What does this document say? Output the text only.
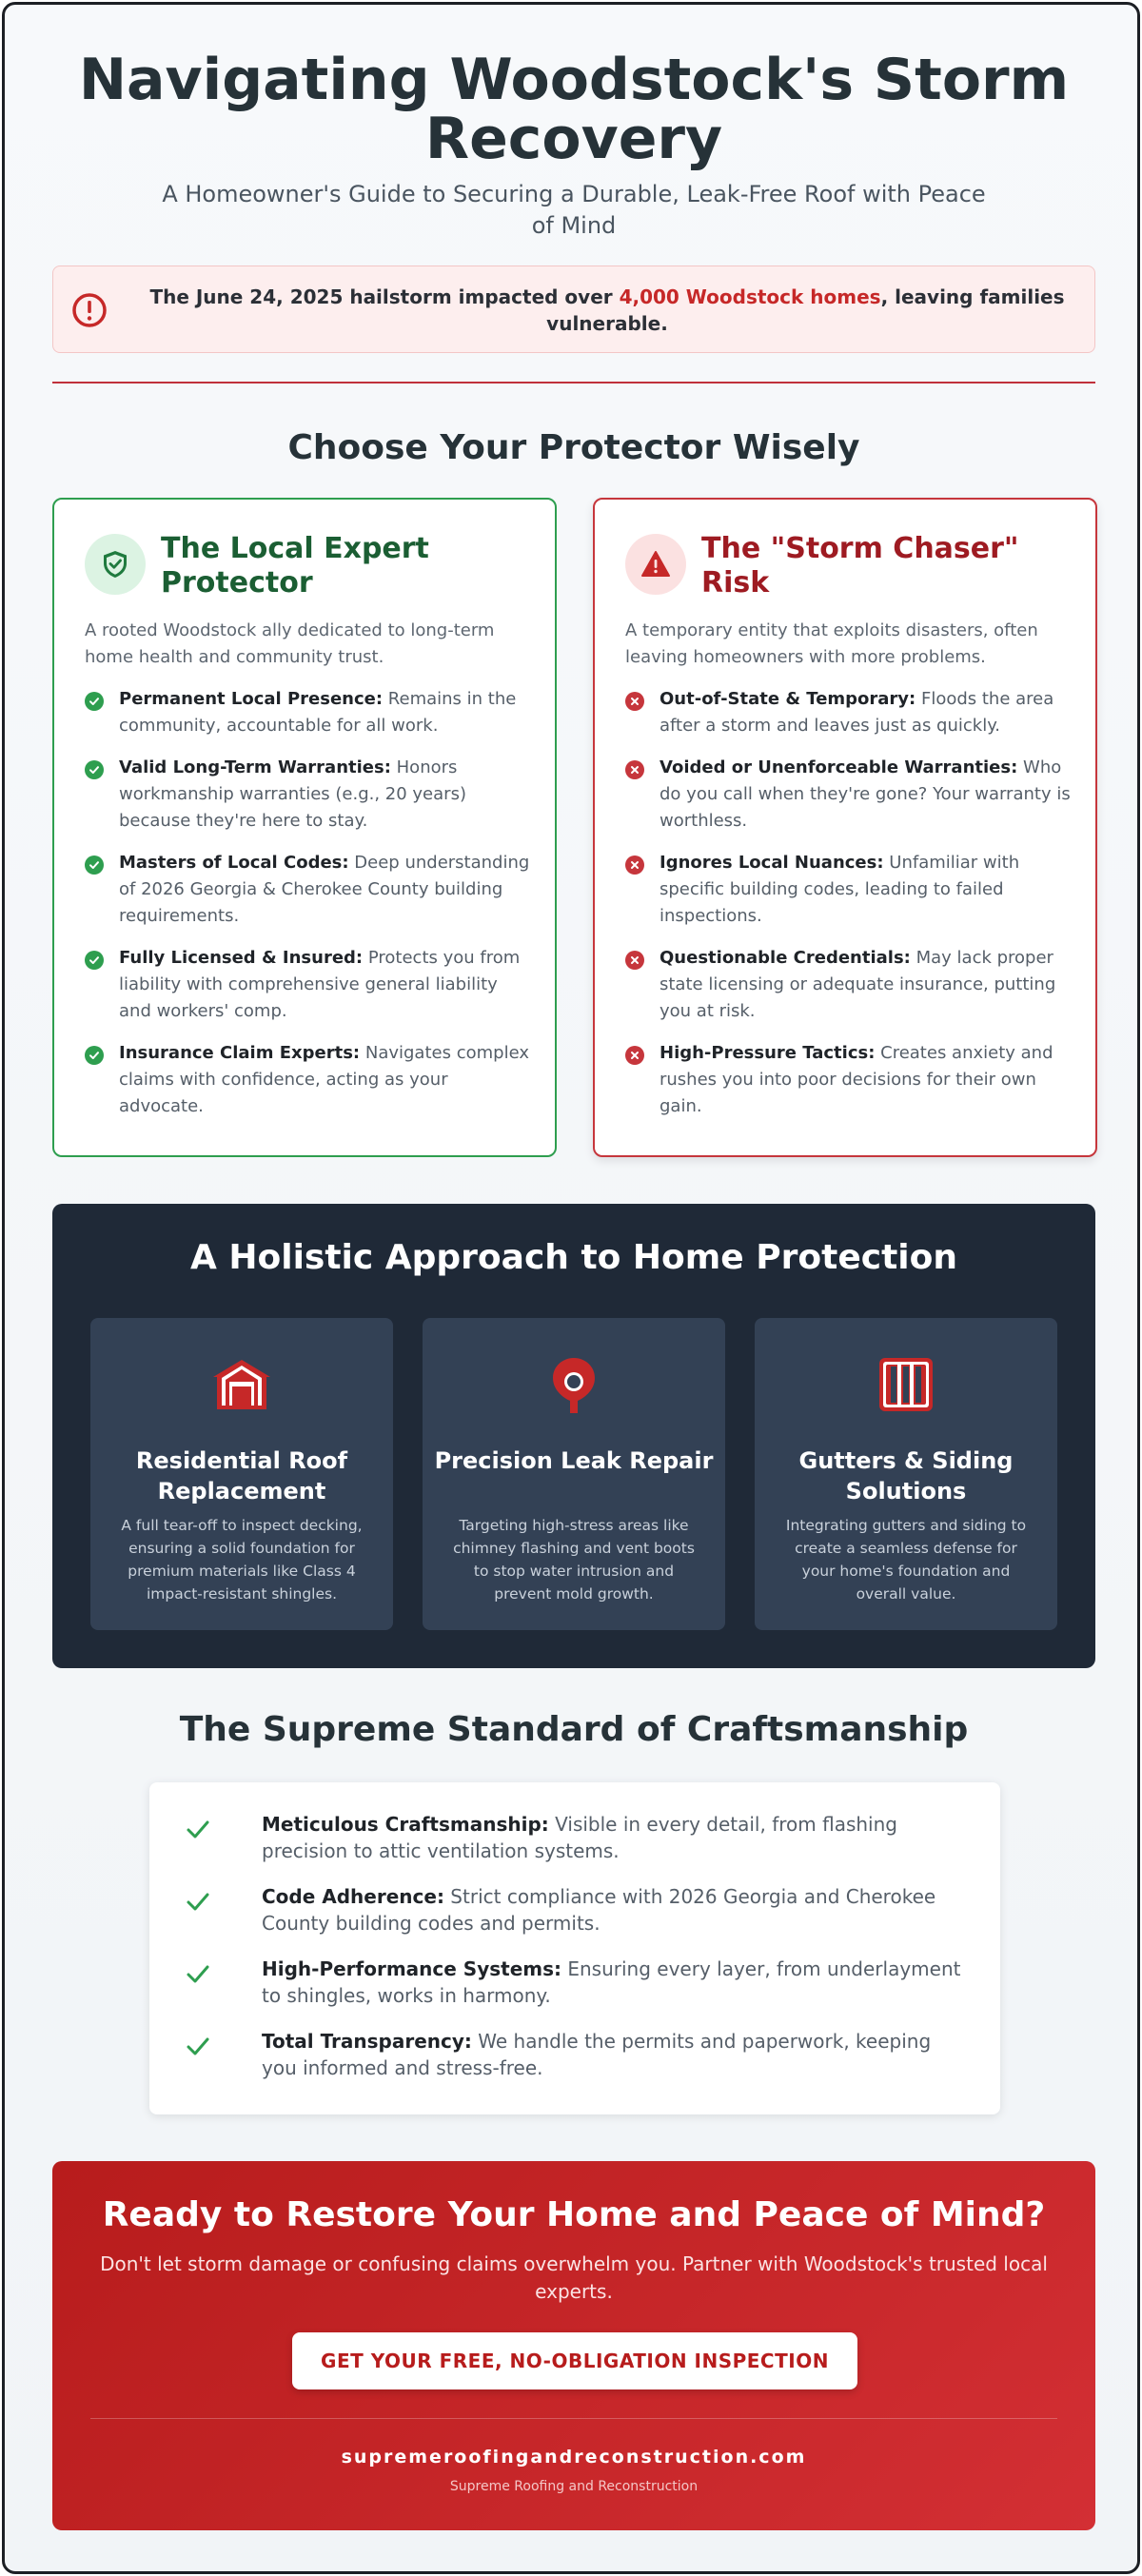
Navigating Woodstock's Storm Recovery

A Homeowner's Guide to Securing a Durable, Leak-Free Roof with Peace of Mind

The June 24, 2025 hailstorm impacted over 4,000 Woodstock homes, leaving families vulnerable.
Choose Your Protector Wisely
The Local Expert Protector

A rooted Woodstock ally dedicated to long-term home health and community trust.

Permanent Local Presence: Remains in the community, accountable for all work.
Valid Long-Term Warranties: Honors workmanship warranties (e.g., 20 years) because they're here to stay.
Masters of Local Codes: Deep understanding of 2026 Georgia & Cherokee County building requirements.
Fully Licensed & Insured: Protects you from liability with comprehensive general liability and workers' comp.
Insurance Claim Experts: Navigates complex claims with confidence, acting as your advocate.
The "Storm Chaser" Risk

A temporary entity that exploits disasters, often leaving homeowners with more problems.

Out-of-State & Temporary: Floods the area after a storm and leaves just as quickly.
Voided or Unenforceable Warranties: Who do you call when they're gone? Your warranty is worthless.
Ignores Local Nuances: Unfamiliar with specific building codes, leading to failed inspections.
Questionable Credentials: May lack proper state licensing or adequate insurance, putting you at risk.
High-Pressure Tactics: Creates anxiety and rushes you into poor decisions for their own gain.
A Holistic Approach to Home Protection
Residential Roof Replacement

A full tear-off to inspect decking, ensuring a solid foundation for premium materials like Class 4 impact-resistant shingles.

Precision Leak Repair

Targeting high-stress areas like chimney flashing and vent boots to stop water intrusion and prevent mold growth.

Gutters & Siding Solutions

Integrating gutters and siding to create a seamless defense for your home's foundation and overall value.

The Supreme Standard of Craftsmanship
Meticulous Craftsmanship: Visible in every detail, from flashing precision to attic ventilation systems.
Code Adherence: Strict compliance with 2026 Georgia and Cherokee County building codes and permits.
High-Performance Systems: Ensuring every layer, from underlayment to shingles, works in harmony.
Total Transparency: We handle the permits and paperwork, keeping you informed and stress-free.
Ready to Restore Your Home and Peace of Mind?

Don't let storm damage or confusing claims overwhelm you. Partner with Woodstock's trusted local experts.

GET YOUR FREE, NO-OBLIGATION INSPECTION
supremeroofingandreconstruction.com
Supreme Roofing and Reconstruction
